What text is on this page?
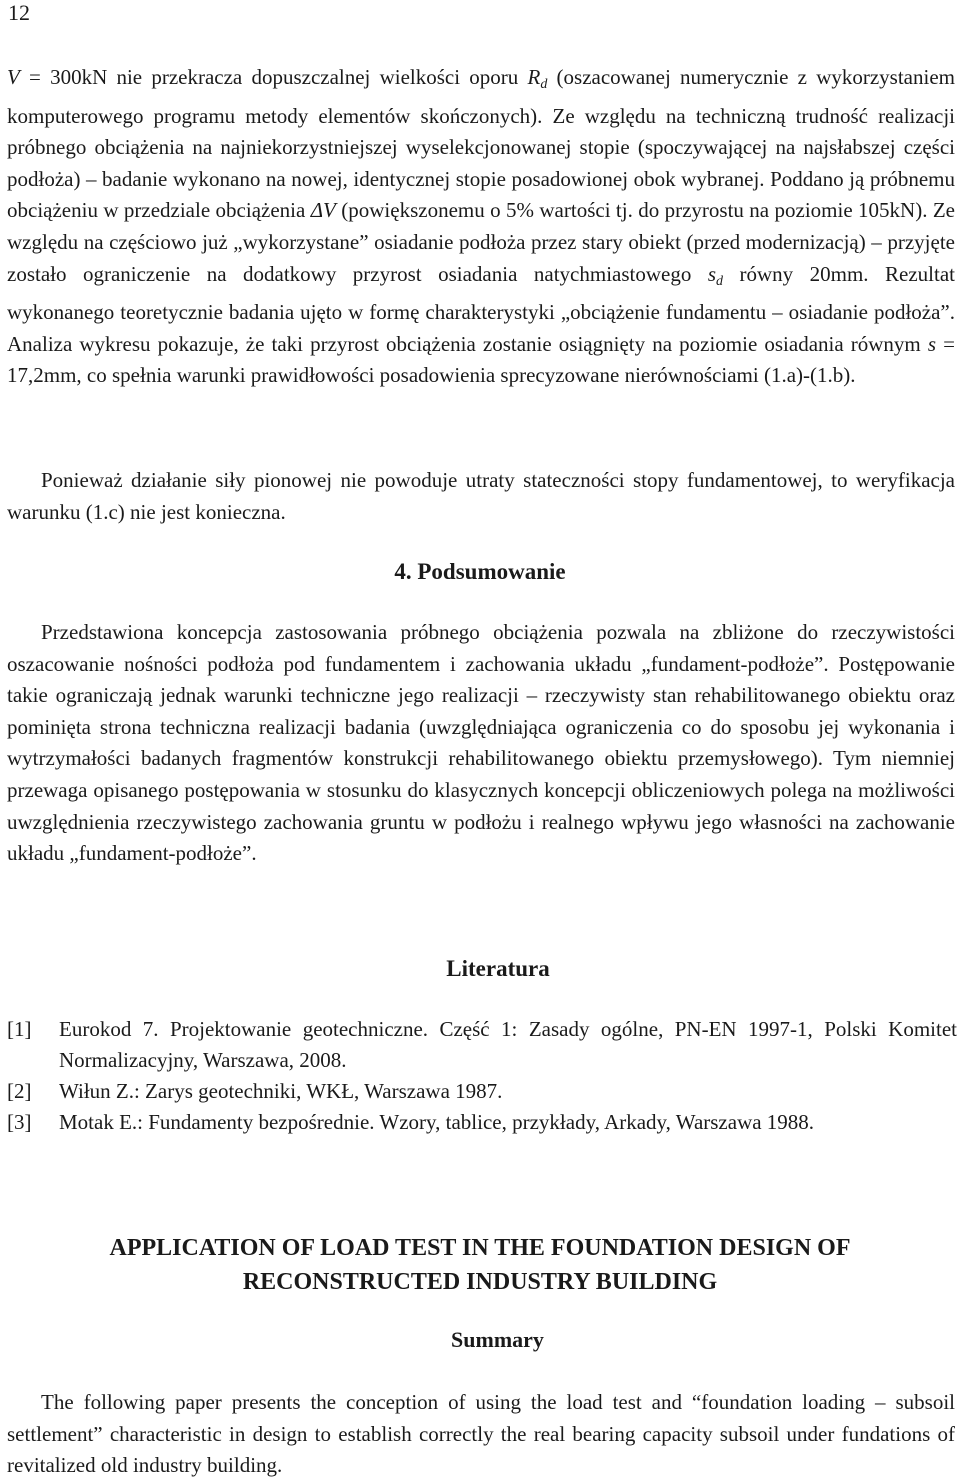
12

V = 300kN nie przekracza dopuszczalnej wielkości oporu $R_d$ (oszacowanej numerycznie z wykorzystaniem komputerowego programu metody elementów skończonych). Ze względu na techniczną trudność realizacji próbnego obciążenia na najniekorzystniejszej wyselekcjonowanej stopie (spoczywającej na najsłabszej części podłoża) – badanie wykonano na nowej, identycznej stopie posadowionej obok wybranej. Poddano ją próbnemu obciążeniu w przedziale obciążenia ΔV (powiększonemu o 5% wartości tj. do przyrostu na poziomie 105kN). Ze względu na częściowo już „wykorzystane” osiadanie podłoża przez stary obiekt (przed modernizacją) – przyjęte zostało ograniczenie na dodatkowy przyrost osiadania natychmiastowego $s_d$ równy 20mm. Rezultat wykonanego teoretycznie badania ujęto w formę charakterystyki „obciążenie fundamentu – osiadanie podłoża”. Analiza wykresu pokazuje, że taki przyrost obciążenia zostanie osiągnięty na poziomie osiadania równym s = 17,2mm, co spełnia warunki prawidłowości posadowienia sprecyzowane nierównościami (1.a)-(1.b).

Ponieważ działanie siły pionowej nie powoduje utraty stateczności stopy fundamentowej, to weryfikacja warunku (1.c) nie jest konieczna.

4. Podsumowanie

Przedstawiona koncepcja zastosowania próbnego obciążenia pozwala na zbliżone do rzeczywistości oszacowanie nośności podłoża pod fundamentem i zachowania układu „fundament-podłoże”. Postępowanie takie ograniczają jednak warunki techniczne jego realizacji – rzeczywisty stan rehabilitowanego obiektu oraz pominięta strona techniczna realizacji badania (uwzględniająca ograniczenia co do sposobu jej wykonania i wytrzymałości badanych fragmentów konstrukcji rehabilitowanego obiektu przemysłowego). Tym niemniej przewaga opisanego postępowania w stosunku do klasycznych koncepcji obliczeniowych polega na możliwości uwzględnienia rzeczywistego zachowania gruntu w podłożu i realnego wpływu jego własności na zachowanie układu „fundament-podłoże”.

Literatura
[1]	Eurokod 7. Projektowanie geotechniczne. Część 1: Zasady ogólne, PN-EN 1997-1, Polski Komitet Normalizacyjny, Warszawa, 2008.
[2]	Wiłun Z.: Zarys geotechniki, WKŁ, Warszawa 1987.
[3]	Motak E.: Fundamenty bezpośrednie. Wzory, tablice, przykłady, Arkady, Warszawa 1988.
APPLICATION OF LOAD TEST IN THE FOUNDATION DESIGN OF
RECONSTRUCTED INDUSTRY BUILDING
Summary

The following paper presents the conception of using the load test and “foundation loading – subsoil settlement” characteristic in design to establish correctly the real bearing capacity subsoil under fundations of revitalized old industry building.
